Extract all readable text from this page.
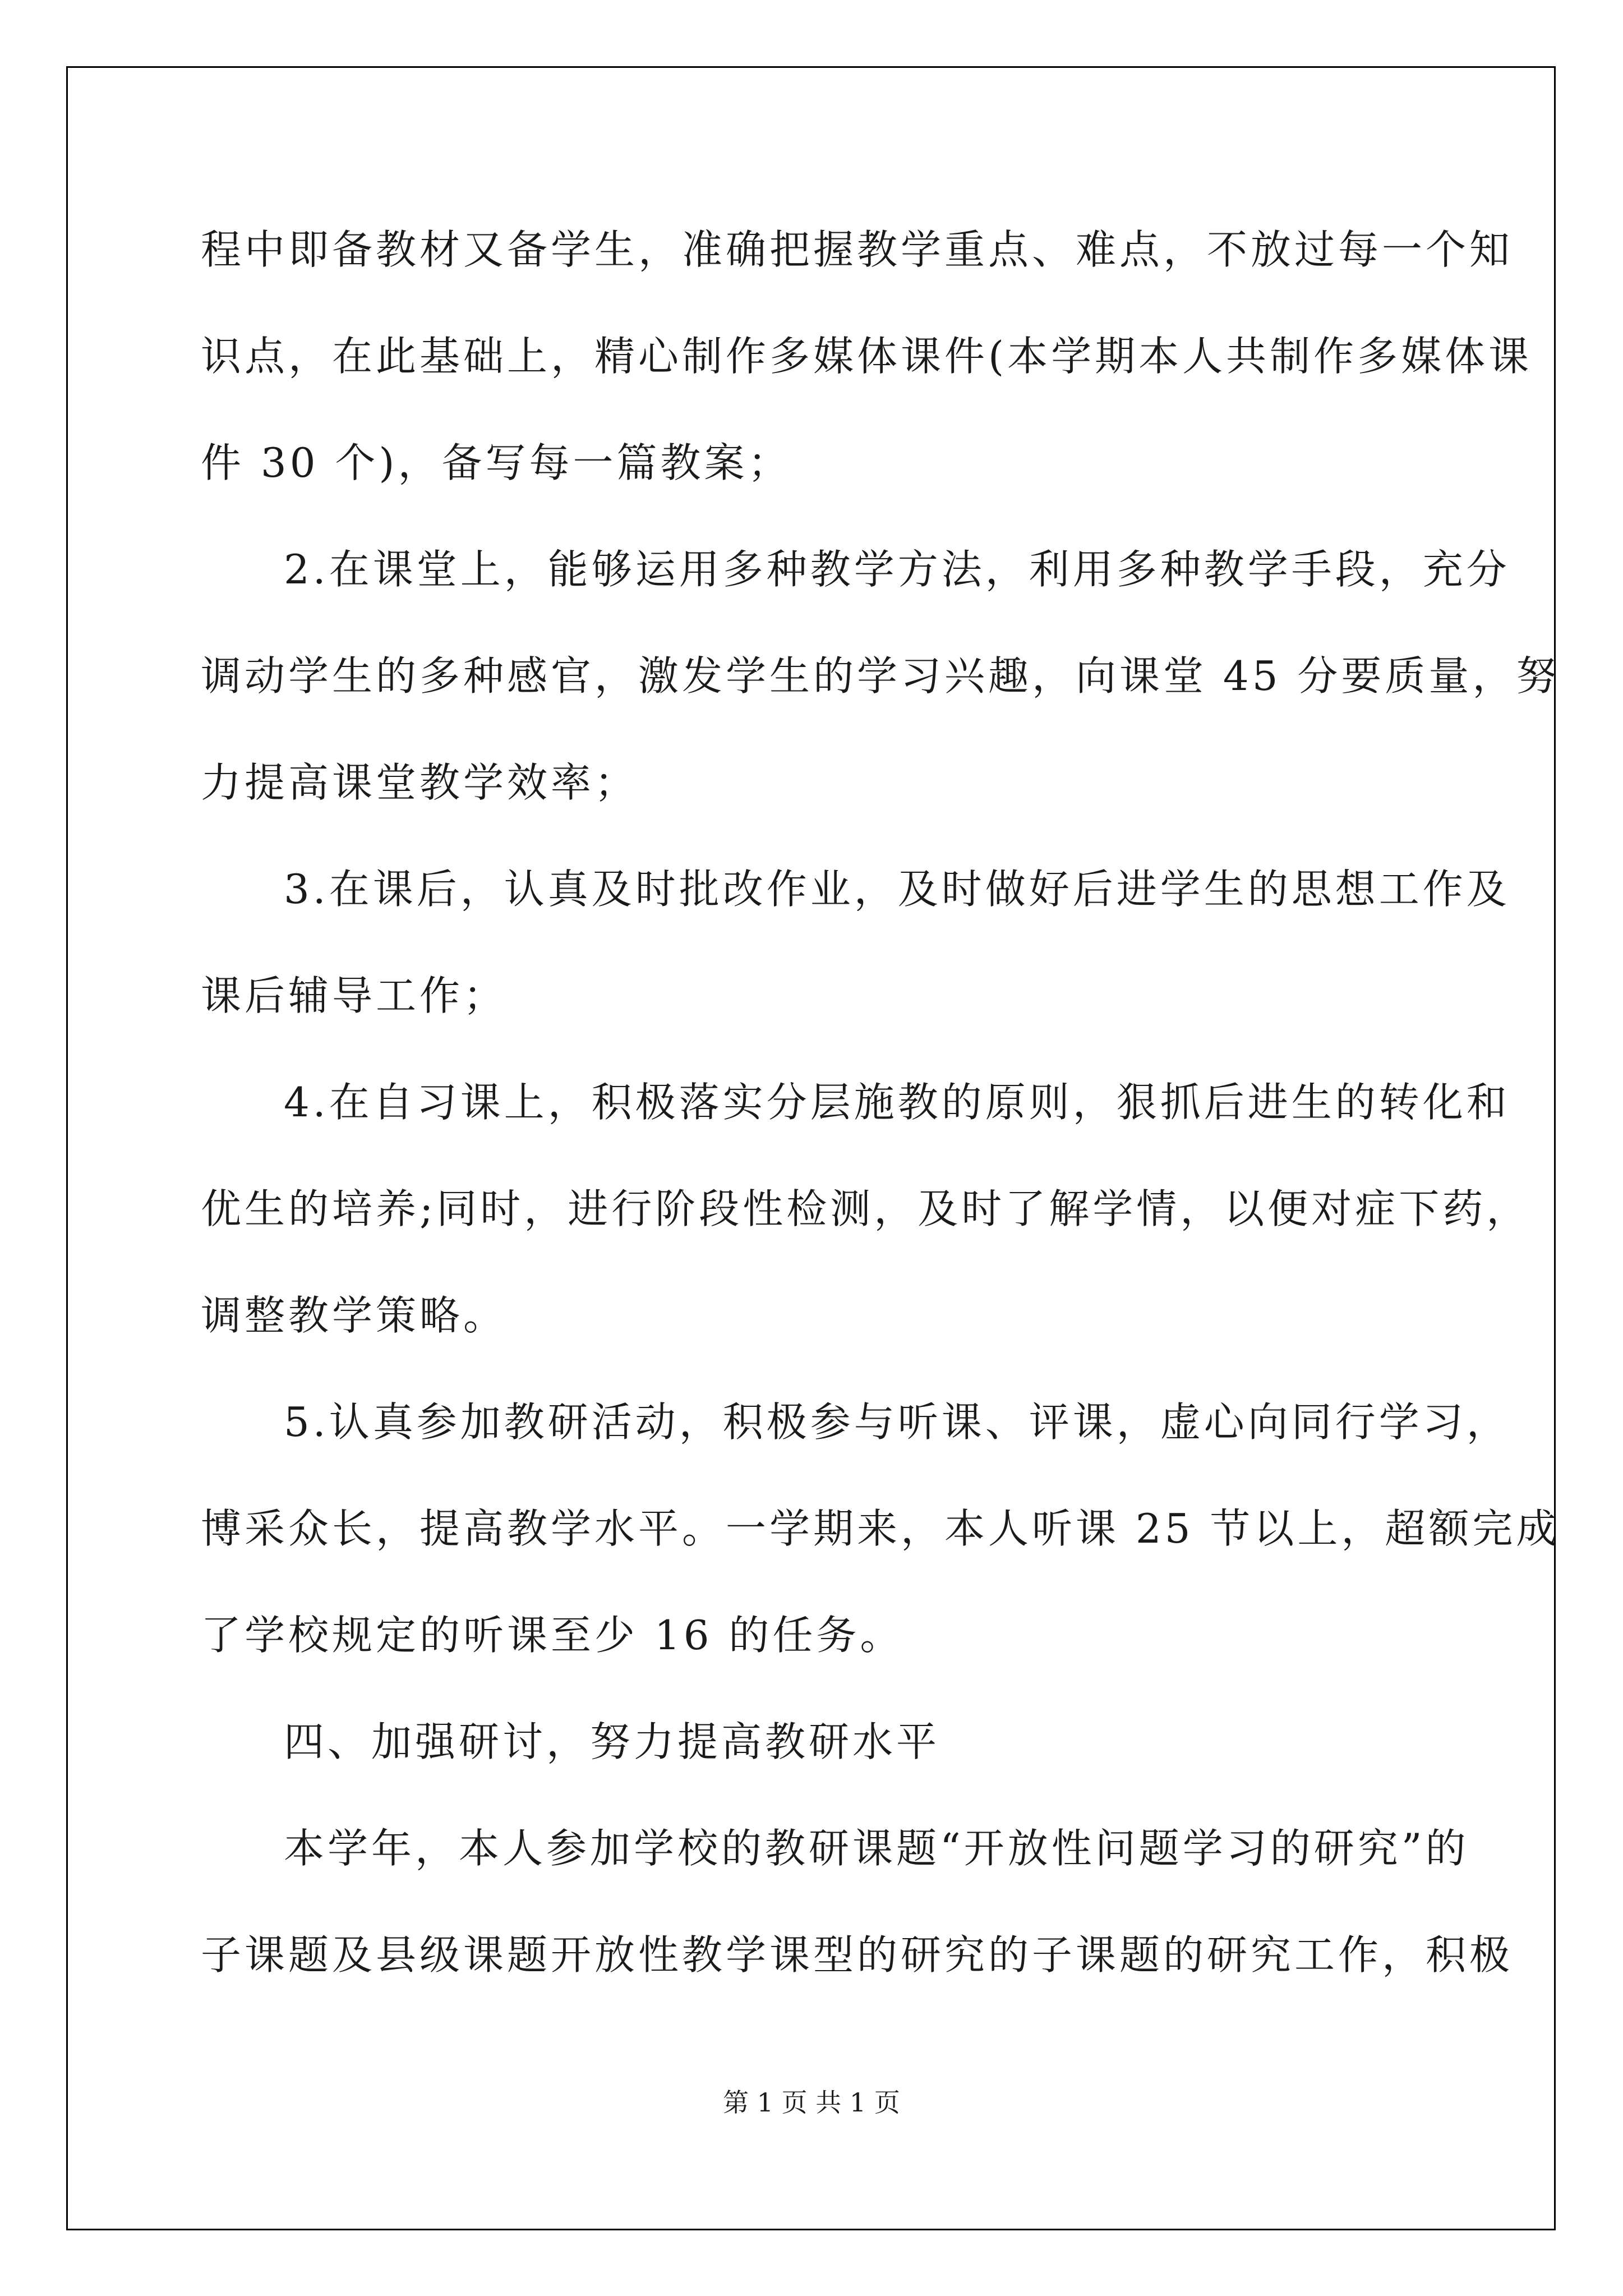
程中即备教材又备学生，准确把握教学重点、难点，不放过每一个知
识点，在此基础上，精心制作多媒体课件(本学期本人共制作多媒体课
件 30 个)，备写每一篇教案；
2.在课堂上，能够运用多种教学方法，利用多种教学手段，充分
调动学生的多种感官，激发学生的学习兴趣，向课堂 45 分要质量，努
力提高课堂教学效率；
3.在课后，认真及时批改作业，及时做好后进学生的思想工作及
课后辅导工作；
4.在自习课上，积极落实分层施教的原则，狠抓后进生的转化和
优生的培养;同时，进行阶段性检测，及时了解学情，以便对症下药，
调整教学策略。
5.认真参加教研活动，积极参与听课、评课，虚心向同行学习，
博采众长，提高教学水平。一学期来，本人听课 25 节以上，超额完成
了学校规定的听课至少 16 的任务。
四、加强研讨，努力提高教研水平
本学年，本人参加学校的教研课题“开放性问题学习的研究”的
子课题及县级课题开放性教学课型的研究的子课题的研究工作，积极
第 1 页 共 1 页
